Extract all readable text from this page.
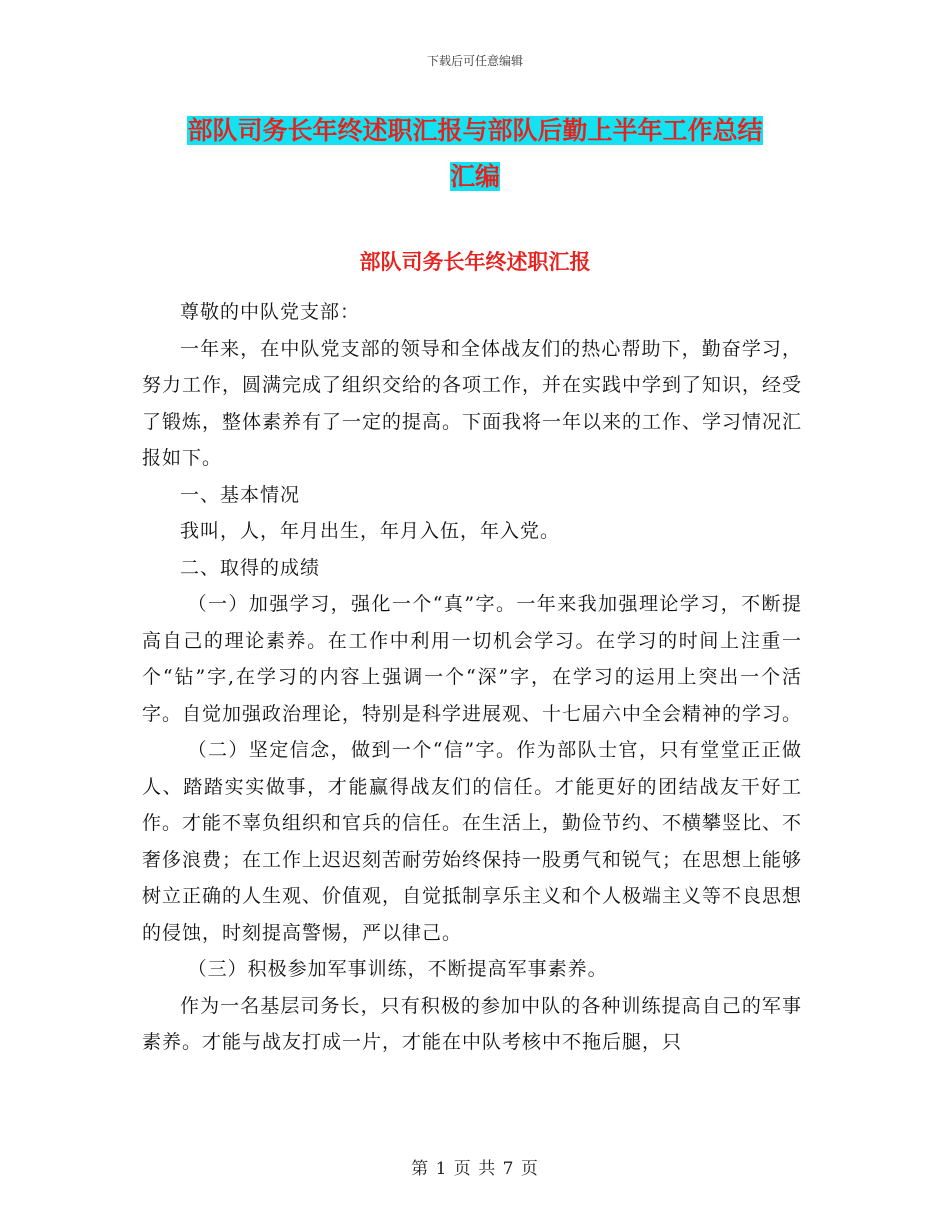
下载后可任意编辑
部队司务长年终述职汇报与部队后勤上半年工作总结
汇编
部队司务长年终述职汇报

尊敬的中队党支部：

一年来，在中队党支部的领导和全体战友们的热心帮助下，勤奋学习，努力工作，圆满完成了组织交给的各项工作，并在实践中学到了知识，经受了锻炼，整体素养有了一定的提高。下面我将一年以来的工作、学习情况汇报如下。

一、基本情况

我叫，人，年月出生，年月入伍，年入党。

二、取得的成绩

（一）加强学习，强化一个“真”字。一年来我加强理论学习，不断提高自己的理论素养。在工作中利用一切机会学习。在学习的时间上注重一个“钻”字,在学习的内容上强调一个“深”字，在学习的运用上突出一个活字。自觉加强政治理论，特别是科学进展观、十七届六中全会精神的学习。

（二）坚定信念，做到一个“信”字。作为部队士官，只有堂堂正正做人、踏踏实实做事，才能赢得战友们的信任。才能更好的团结战友干好工作。才能不辜负组织和官兵的信任。在生活上，勤俭节约、不横攀竖比、不奢侈浪费；在工作上迟迟刻苦耐劳始终保持一股勇气和锐气；在思想上能够树立正确的人生观、价值观，自觉抵制享乐主义和个人极端主义等不良思想的侵蚀，时刻提高警惕，严以律己。

（三）积极参加军事训练，不断提高军事素养。

作为一名基层司务长，只有积极的参加中队的各种训练提高自己的军事素养。才能与战友打成一片，才能在中队考核中不拖后腿，只

第 1 页 共 7 页
